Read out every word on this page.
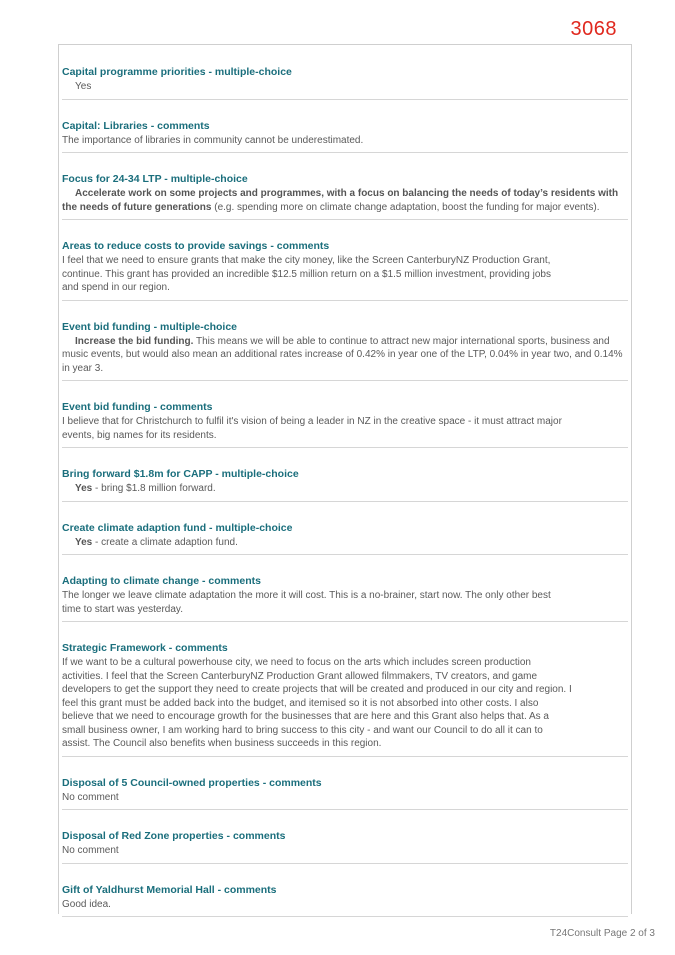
3068
Capital programme priorities - multiple-choice
Yes
Capital: Libraries - comments
The importance of libraries in community cannot be underestimated.
Focus for 24-34 LTP - multiple-choice
Accelerate work on some projects and programmes, with a focus on balancing the needs of today’s residents with the needs of future generations (e.g. spending more on climate change adaptation, boost the funding for major events).
Areas to reduce costs to provide savings - comments
I feel that we need to ensure grants that make the city money, like the Screen CanterburyNZ Production Grant, continue. This grant has provided an incredible $12.5 million return on a $1.5 million investment, providing jobs and spend in our region.
Event bid funding - multiple-choice
Increase the bid funding. This means we will be able to continue to attract new major international sports, business and music events, but would also mean an additional rates increase of 0.42% in year one of the LTP, 0.04% in year two, and 0.14% in year 3.
Event bid funding - comments
I believe that for Christchurch to fulfil it's vision of being a leader in NZ in the creative space - it must attract major events, big names for its residents.
Bring forward $1.8m for CAPP - multiple-choice
Yes - bring $1.8 million forward.
Create climate adaption fund - multiple-choice
Yes - create a climate adaption fund.
Adapting to climate change - comments
The longer we leave climate adaptation the more it will cost. This is a no-brainer, start now. The only other best time to start was yesterday.
Strategic Framework - comments
If we want to be a cultural powerhouse city, we need to focus on the arts which includes screen production activities. I feel that the Screen CanterburyNZ Production Grant allowed filmmakers, TV creators, and game developers to get the support they need to create projects that will be created and produced in our city and region. I feel this grant must be added back into the budget, and itemised so it is not absorbed into other costs. I also believe that we need to encourage growth for the businesses that are here and this Grant also helps that. As a small business owner, I am working hard to bring success to this city - and want our Council to do all it can to assist. The Council also benefits when business succeeds in this region.
Disposal of 5 Council-owned properties - comments
No comment
Disposal of Red Zone properties - comments
No comment
Gift of Yaldhurst Memorial Hall - comments
Good idea.
T24Consult Page 2 of 3
